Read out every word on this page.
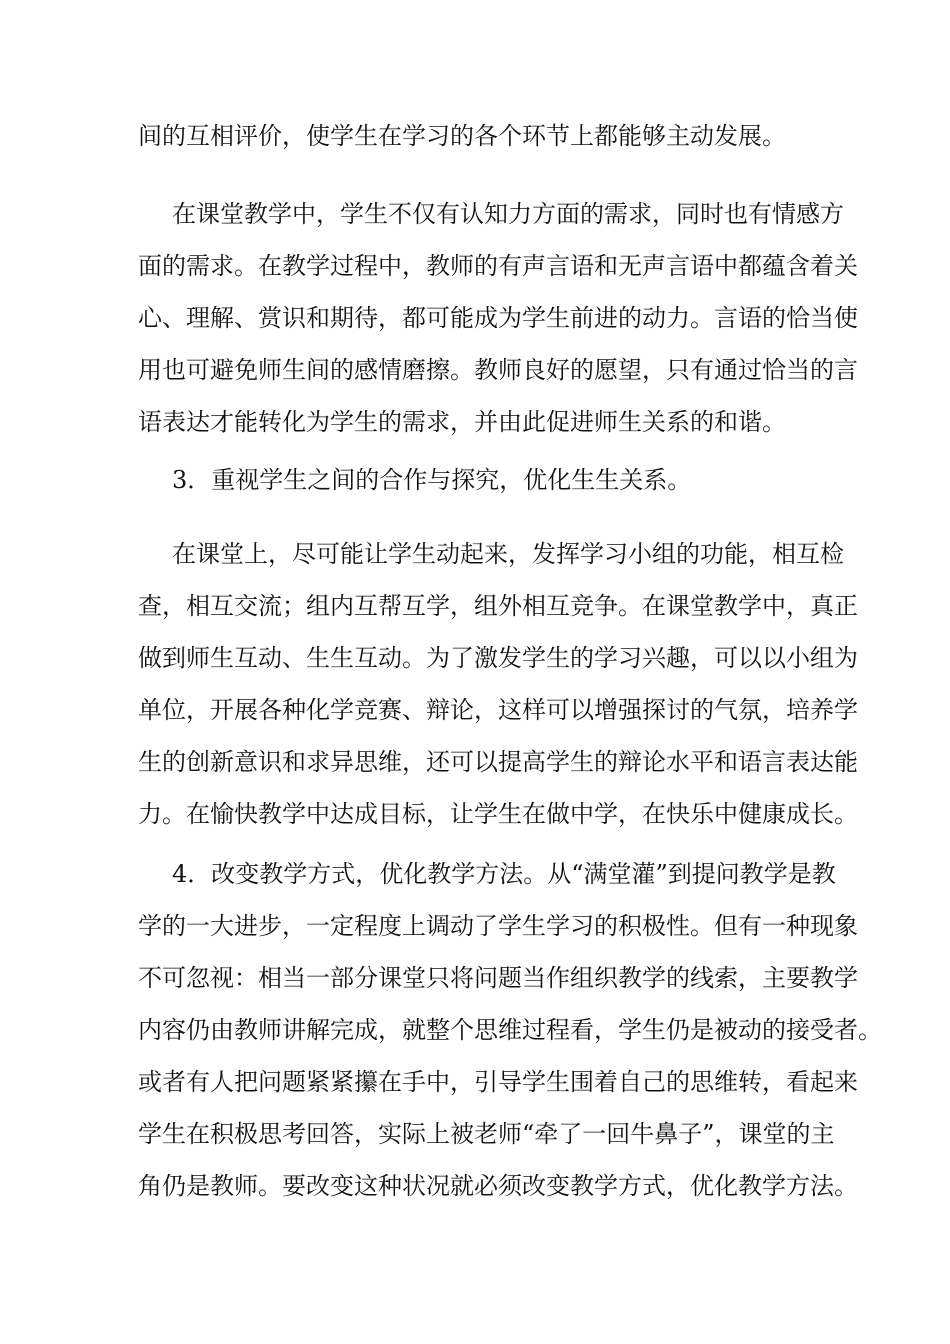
间的互相评价，使学生在学习的各个环节上都能够主动发展。
在课堂教学中，学生不仅有认知力方面的需求，同时也有情感方
面的需求。在教学过程中，教师的有声言语和无声言语中都蕴含着关
心、理解、赏识和期待，都可能成为学生前进的动力。言语的恰当使
用也可避免师生间的感情磨擦。教师良好的愿望，只有通过恰当的言
语表达才能转化为学生的需求，并由此促进师生关系的和谐。
3．重视学生之间的合作与探究，优化生生关系。
在课堂上，尽可能让学生动起来，发挥学习小组的功能，相互检
查，相互交流；组内互帮互学，组外相互竞争。在课堂教学中，真正
做到师生互动、生生互动。为了激发学生的学习兴趣，可以以小组为
单位，开展各种化学竞赛、辩论，这样可以增强探讨的气氛，培养学
生的创新意识和求异思维，还可以提高学生的辩论水平和语言表达能
力。在愉快教学中达成目标，让学生在做中学，在快乐中健康成长。
4．改变教学方式，优化教学方法。从“满堂灌”到提问教学是教
学的一大进步，一定程度上调动了学生学习的积极性。但有一种现象
不可忽视：相当一部分课堂只将问题当作组织教学的线索，主要教学
内容仍由教师讲解完成，就整个思维过程看，学生仍是被动的接受者。
或者有人把问题紧紧攥在手中，引导学生围着自己的思维转，看起来
学生在积极思考回答，实际上被老师“牵了一回牛鼻子”，课堂的主
角仍是教师。要改变这种状况就必须改变教学方式，优化教学方法。
